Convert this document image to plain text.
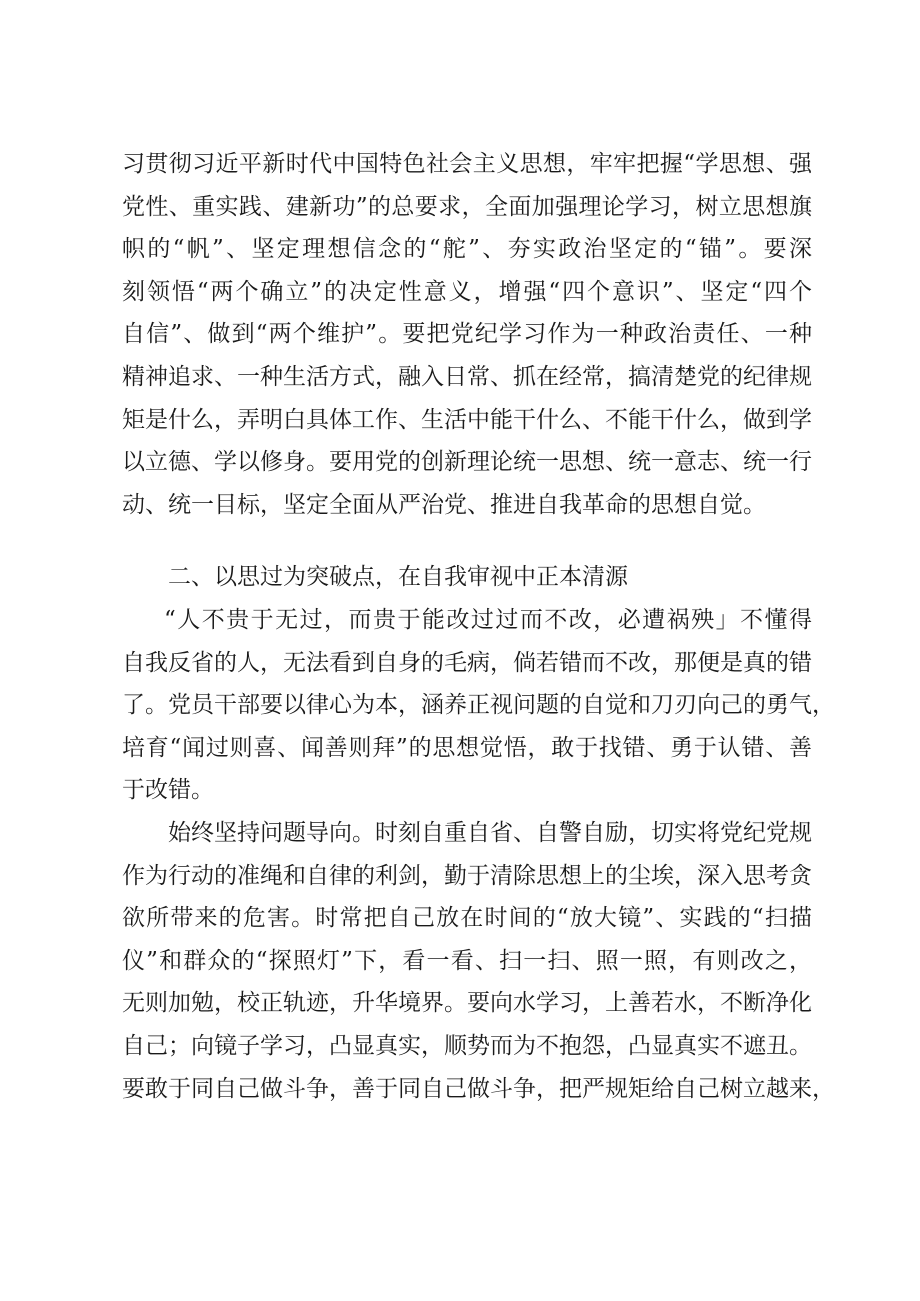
习贯彻习近平新时代中国特色社会主义思想，牢牢把握“学思想、强
党性、重实践、建新功”的总要求，全面加强理论学习，树立思想旗
帜的“帆”、坚定理想信念的“舵”、夯实政治坚定的“锚”。要深
刻领悟“两个确立”的决定性意义，增强“四个意识”、坚定“四个
自信”、做到“两个维护”。要把党纪学习作为一种政治责任、一种
精神追求、一种生活方式，融入日常、抓在经常，搞清楚党的纪律规
矩是什么，弄明白具体工作、生活中能干什么、不能干什么，做到学
以立德、学以修身。要用党的创新理论统一思想、统一意志、统一行
动、统一目标，坚定全面从严治党、推进自我革命的思想自觉。
二、以思过为突破点，在自我审视中正本清源
“人不贵于无过，而贵于能改过过而不改，必遭祸殃」不懂得
自我反省的人，无法看到自身的毛病，倘若错而不改，那便是真的错
了。党员干部要以律心为本，涵养正视问题的自觉和刀刃向己的勇气，
培育“闻过则喜、闻善则拜”的思想觉悟，敢于找错、勇于认错、善
于改错。
始终坚持问题导向。时刻自重自省、自警自励，切实将党纪党规
作为行动的准绳和自律的利剑，勤于清除思想上的尘埃，深入思考贪
欲所带来的危害。时常把自己放在时间的“放大镜”、实践的“扫描
仪”和群众的“探照灯”下，看一看、扫一扫、照一照，有则改之，
无则加勉，校正轨迹，升华境界。要向水学习，上善若水，不断净化
自己；向镜子学习，凸显真实，顺势而为不抱怨，凸显真实不遮丑。
要敢于同自己做斗争，善于同自己做斗争，把严规矩给自己树立越来，
